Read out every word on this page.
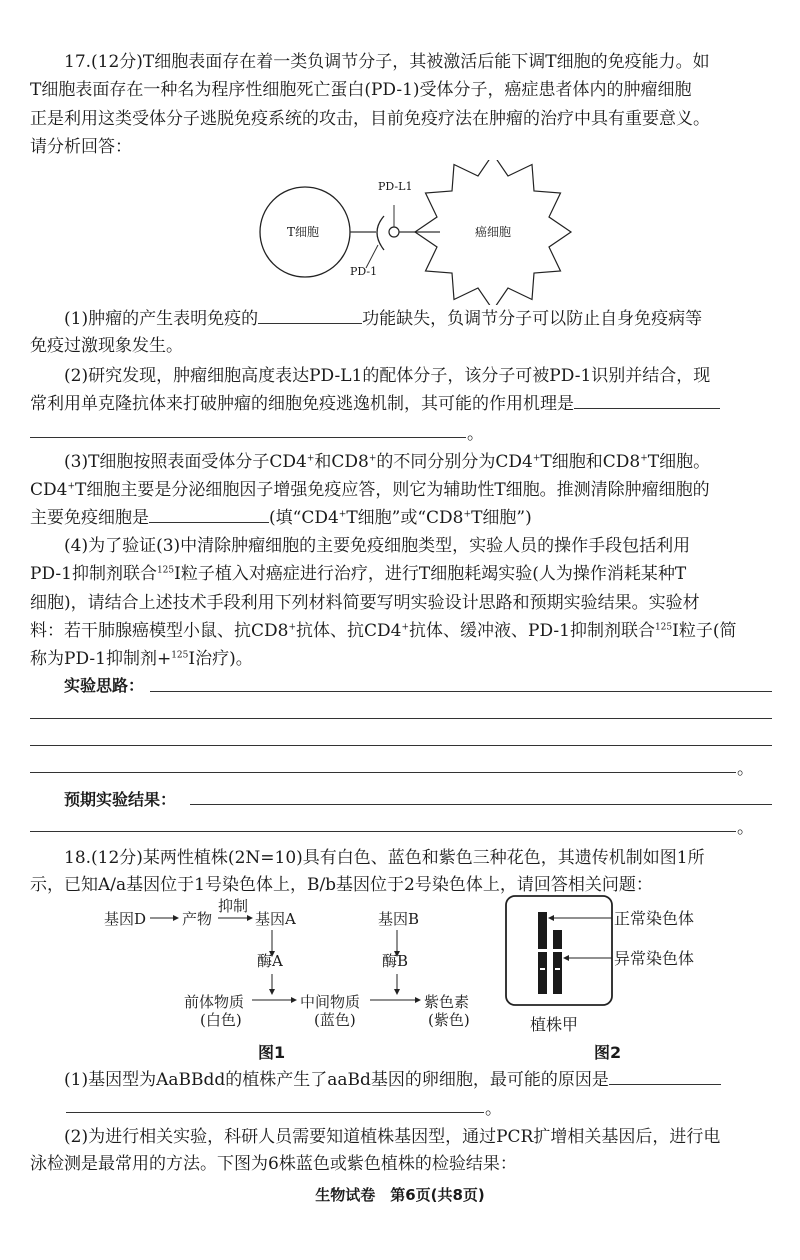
17.(12分)T细胞表面存在着一类负调节分子，其被激活后能下调T细胞的免疫能力。如
T细胞表面存在一种名为程序性细胞死亡蛋白(PD-1)受体分子，癌症患者体内的肿瘤细胞
正是利用这类受体分子逃脱免疫系统的攻击，目前免疫疗法在肿瘤的治疗中具有重要意义。
请分析回答：
T细胞	癌细胞
PD-L1
PD-1
(1)肿瘤的产生表明免疫的	功能缺失，负调节分子可以防止自身免疫病等
免疫过激现象发生。
(2)研究发现，肿瘤细胞高度表达PD-L1的配体分子，该分子可被PD-1识别并结合，现
常利用单克隆抗体来打破肿瘤的细胞免疫逃逸机制，其可能的作用机理是
。
(3)T细胞按照表面受体分子CD4+和CD8+的不同分别分为CD4+T细胞和CD8+T细胞。
CD4+T细胞主要是分泌细胞因子增强免疫应答，则它为辅助性T细胞。推测清除肿瘤细胞的
主要免疫细胞是	(填“CD4+T细胞”或“CD8+T细胞”)
(4)为了验证(3)中清除肿瘤细胞的主要免疫细胞类型，实验人员的操作手段包括利用
PD-1抑制剂联合$^{125}$I粒子植入对癌症进行治疗，进行T细胞耗竭实验(人为操作消耗某种T
细胞)，请结合上述技术手段利用下列材料简要写明实验设计思路和预期实验结果。实验材
料：若干肺腺癌模型小鼠、抗CD8+抗体、抗CD4+抗体、缓冲液、PD-1抑制剂联合$^{125}$I粒子(简
称为PD-1抑制剂+$^{125}$I治疗)。
实验思路：
。
预期实验结果：
。
18.(12分)某两性植株(2N=10)具有白色、蓝色和紫色三种花色，其遗传机制如图1所
示，已知A/a基因位于1号染色体上，B/b基因位于2号染色体上，请回答相关问题：
基因D 产物
抑制
基因A	基因B
酶A	酶B
前体物质
(白色)
中间物质
(蓝色)
紫色素
(紫色)
图1
正常染色体
异常染色体
植株甲
图2
(1)基因型为AaBBdd的植株产生了aaBd基因的卵细胞，最可能的原因是
。
(2)为进行相关实验，科研人员需要知道植株基因型，通过PCR扩增相关基因后，进行电
泳检测是最常用的方法。下图为6株蓝色或紫色植株的检验结果：
生物试卷　第6页(共8页)
